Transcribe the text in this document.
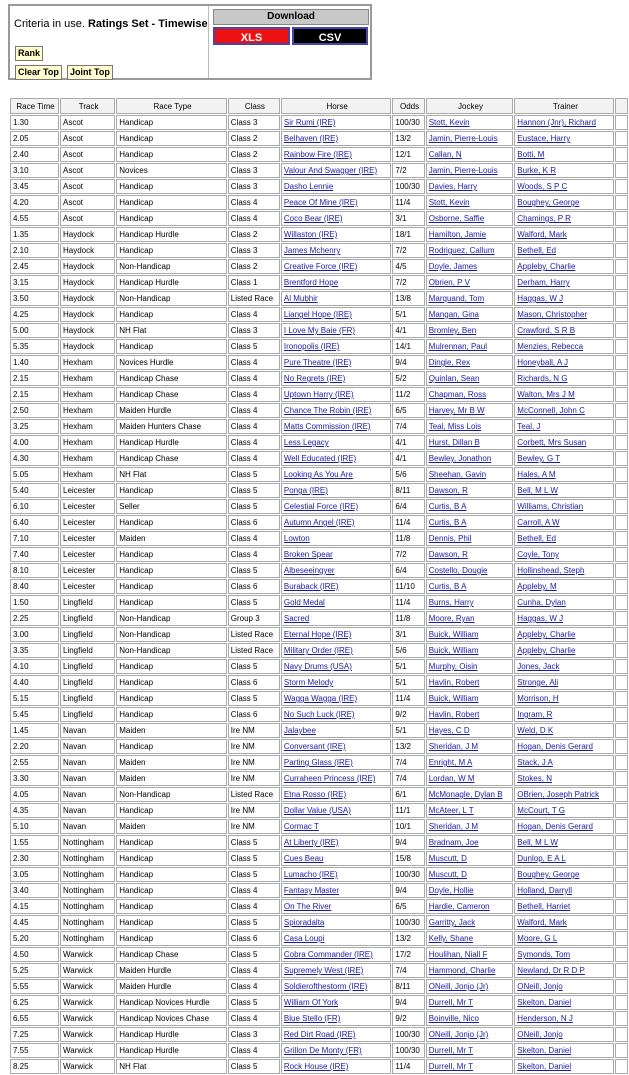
Criteria in use. Ratings Set - Timewise
Rank
Clear Top	Joint Top
Download
XLS	CSV
Race Time	Track	Race Type	Class	Horse	Odds	Jockey	Trainer	
1.30	Ascot	Handicap	Class 3	Sir Rumi (IRE)	100/30	Stott, Kevin	Hannon (Jnr), Richard	
2.05	Ascot	Handicap	Class 2	Belhaven (IRE)	13/2	Jamin, Pierre-Louis	Eustace, Harry	
2.40	Ascot	Handicap	Class 2	Rainbow Fire (IRE)	12/1	Callan, N	Botti, M	
3.10	Ascot	Novices	Class 3	Valour And Swagger (IRE)	7/2	Jamin, Pierre-Louis	Burke, K R	
3.45	Ascot	Handicap	Class 3	Dasho Lennie	100/30	Davies, Harry	Woods, S P C	
4.20	Ascot	Handicap	Class 4	Peace Of Mine (IRE)	11/4	Stott, Kevin	Boughey, George	
4.55	Ascot	Handicap	Class 4	Coco Bear (IRE)	3/1	Osborne, Saffie	Chamings, P R	
1.35	Haydock	Handicap Hurdle	Class 2	Willaston (IRE)	18/1	Hamilton, Jamie	Walford, Mark	
2.10	Haydock	Handicap	Class 3	James Mchenry	7/2	Rodriguez, Callum	Bethell, Ed	
2.45	Haydock	Non-Handicap	Class 2	Creative Force (IRE)	4/5	Doyle, James	Appleby, Charlie	
3.15	Haydock	Handicap Hurdle	Class 1	Brentford Hope	7/2	Obrien, P V	Derham, Harry	
3.50	Haydock	Non-Handicap	Listed Race	Al Mubhir	13/8	Marquand, Tom	Haggas, W J	
4.25	Haydock	Handicap	Class 4	Liangel Hope (IRE)	5/1	Mangan, Gina	Mason, Christopher	
5.00	Haydock	NH Flat	Class 3	I Love My Baie (FR)	4/1	Bromley, Ben	Crawford, S R B	
5.35	Haydock	Handicap	Class 5	Ironopolis (IRE)	14/1	Mulrennan, Paul	Menzies, Rebecca	
1.40	Hexham	Novices Hurdle	Class 4	Pure Theatre (IRE)	9/4	Dingle, Rex	Honeyball, A J	
2.15	Hexham	Handicap Chase	Class 4	No Regrets (IRE)	5/2	Quinlan, Sean	Richards, N G	
2.15	Hexham	Handicap Chase	Class 4	Uptown Harry (IRE)	11/2	Chapman, Ross	Walton, Mrs J M	
2.50	Hexham	Maiden Hurdle	Class 4	Chance The Robin (IRE)	6/5	Harvey, Mr B W	McConnell, John C	
3.25	Hexham	Maiden Hunters Chase	Class 4	Matts Commission (IRE)	7/4	Teal, Miss Lois	Teal, J	
4.00	Hexham	Handicap Hurdle	Class 4	Less Legacy	4/1	Hurst, Dillan B	Corbett, Mrs Susan	
4.30	Hexham	Handicap Chase	Class 4	Well Educated (IRE)	4/1	Bewley, Jonathon	Bewley, G T	
5.05	Hexham	NH Flat	Class 5	Looking As You Are	5/6	Sheehan, Gavin	Hales, A M	
5.40	Leicester	Handicap	Class 5	Ponga (IRE)	8/11	Dawson, R	Bell, M L W	
6.10	Leicester	Seller	Class 5	Celestial Force (IRE)	6/4	Curtis, B A	Williams, Christian	
6.40	Leicester	Handicap	Class 6	Autumn Angel (IRE)	11/4	Curtis, B A	Carroll, A W	
7.10	Leicester	Maiden	Class 4	Lowton	11/8	Dennis, Phil	Bethell, Ed	
7.40	Leicester	Handicap	Class 4	Broken Spear	7/2	Dawson, R	Coyle, Tony	
8.10	Leicester	Handicap	Class 5	Albeseeingyer	6/4	Costello, Dougie	Hollinshead, Steph	
8.40	Leicester	Handicap	Class 6	Buraback (IRE)	11/10	Curtis, B A	Appleby, M	
1.50	Lingfield	Handicap	Class 5	Gold Medal	11/4	Burns, Harry	Cunha, Dylan	
2.25	Lingfield	Non-Handicap	Group 3	Sacred	11/8	Moore, Ryan	Haggas, W J	
3.00	Lingfield	Non-Handicap	Listed Race	Eternal Hope (IRE)	3/1	Buick, William	Appleby, Charlie	
3.35	Lingfield	Non-Handicap	Listed Race	Military Order (IRE)	5/6	Buick, William	Appleby, Charlie	
4.10	Lingfield	Handicap	Class 5	Navy Drums (USA)	5/1	Murphy, Oisin	Jones, Jack	
4.40	Lingfield	Handicap	Class 6	Storm Melody	5/1	Havlin, Robert	Stronge, Ali	
5.15	Lingfield	Handicap	Class 5	Wagga Wagga (IRE)	11/4	Buick, William	Morrison, H	
5.45	Lingfield	Handicap	Class 6	No Such Luck (IRE)	9/2	Havlin, Robert	Ingram, R	
1.45	Navan	Maiden	Ire NM	Jalaybee	5/1	Hayes, C D	Weld, D K	
2.20	Navan	Handicap	Ire NM	Conversant (IRE)	13/2	Sheridan, J M	Hogan, Denis Gerard	
2.55	Navan	Maiden	Ire NM	Parting Glass (IRE)	7/4	Enright, M A	Stack, J A	
3.30	Navan	Maiden	Ire NM	Curraheen Princess (IRE)	7/4	Lordan, W M	Stokes, N	
4.05	Navan	Non-Handicap	Listed Race	Etna Rosso (IRE)	6/1	McMonagle, Dylan B	OBrien, Joseph Patrick	
4.35	Navan	Handicap	Ire NM	Dollar Value (USA)	11/1	McAteer, L T	McCourt, T G	
5.10	Navan	Maiden	Ire NM	Cormac T	10/1	Sheridan, J M	Hogan, Denis Gerard	
1.55	Nottingham	Handicap	Class 5	At Liberty (IRE)	9/4	Bradnam, Joe	Bell, M L W	
2.30	Nottingham	Handicap	Class 5	Cues Beau	15/8	Muscutt, D	Dunlop, E A L	
3.05	Nottingham	Handicap	Class 5	Lumacho (IRE)	100/30	Muscutt, D	Boughey, George	
3.40	Nottingham	Handicap	Class 4	Fantasy Master	9/4	Doyle, Hollie	Holland, Darryll	
4.15	Nottingham	Handicap	Class 4	On The River	6/5	Hardie, Cameron	Bethell, Harriet	
4.45	Nottingham	Handicap	Class 5	Spioradalta	100/30	Garritty, Jack	Walford, Mark	
5.20	Nottingham	Handicap	Class 6	Casa Loupi	13/2	Kelly, Shane	Moore, G L	
4.50	Warwick	Handicap Chase	Class 5	Cobra Commander (IRE)	17/2	Houlihan, Niall F	Symonds, Tom	
5.25	Warwick	Maiden Hurdle	Class 4	Supremely West (IRE)	7/4	Hammond, Charlie	Newland, Dr R D P	
5.55	Warwick	Maiden Hurdle	Class 4	Soldierofthestorm (IRE)	8/11	ONeill, Jonjo (Jr)	ONeill, Jonjo	
6.25	Warwick	Handicap Novices Hurdle	Class 5	William Of York	9/4	Durrell, Mr T	Skelton, Daniel	
6.55	Warwick	Handicap Novices Chase	Class 4	Blue Stello (FR)	9/2	Boinville, Nico	Henderson, N J	
7.25	Warwick	Handicap Hurdle	Class 3	Red Dirt Road (IRE)	100/30	ONeill, Jonjo (Jr)	ONeill, Jonjo	
7.55	Warwick	Handicap Hurdle	Class 4	Grillon De Monty (FR)	100/30	Durrell, Mr T	Skelton, Daniel	
8.25	Warwick	NH Flat	Class 5	Rock House (IRE)	11/4	Durrell, Mr T	Skelton, Daniel	
